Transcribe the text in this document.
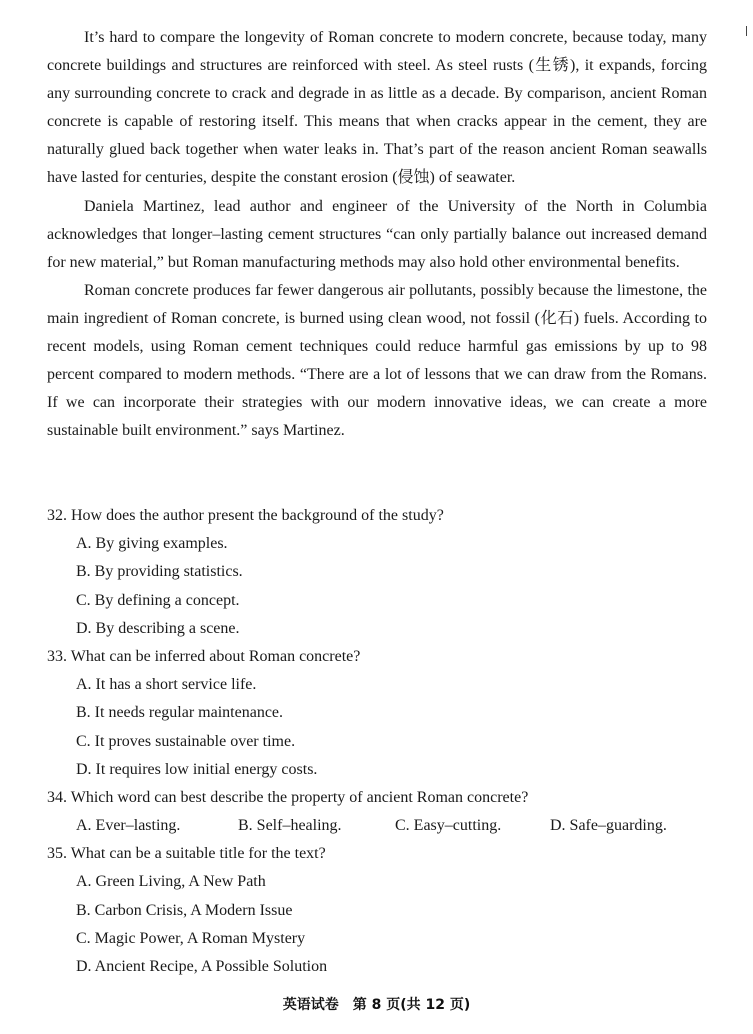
It’s hard to compare the longevity of Roman concrete to modern concrete, because today, many concrete buildings and structures are reinforced with steel. As steel rusts (生锈), it expands, forcing any surrounding concrete to crack and degrade in as little as a decade. By comparison, ancient Roman concrete is capable of restoring itself. This means that when cracks appear in the cement, they are naturally glued back together when water leaks in. That’s part of the reason ancient Roman seawalls have lasted for centuries, despite the constant erosion (侵蚀) of seawater.

Daniela Martinez, lead author and engineer of the University of the North in Columbia acknowledges that longer–lasting cement structures “can only partially balance out increased demand for new material,” but Roman manufacturing methods may also hold other environmental benefits.

Roman concrete produces far fewer dangerous air pollutants, possibly because the limestone, the main ingredient of Roman concrete, is burned using clean wood, not fossil (化石) fuels. According to recent models, using Roman cement techniques could reduce harmful gas emissions by up to 98 percent compared to modern methods. “There are a lot of lessons that we can draw from the Romans. If we can incorporate their strategies with our modern innovative ideas, we can create a more sustainable built environment.” says Martinez.

32. How does the author present the background of the study?
A. By giving examples.
B. By providing statistics.
C. By defining a concept.
D. By describing a scene.
33. What can be inferred about Roman concrete?
A. It has a short service life.
B. It needs regular maintenance.
C. It proves sustainable over time.
D. It requires low initial energy costs.
34. Which word can best describe the property of ancient Roman concrete?
A. Ever–lasting.	B. Self–healing.	C. Easy–cutting.	D. Safe–guarding.
35. What can be a suitable title for the text?
A. Green Living, A New Path
B. Carbon Crisis, A Modern Issue
C. Magic Power, A Roman Mystery
D. Ancient Recipe, A Possible Solution
英语试卷　第 8 页(共 12 页)
